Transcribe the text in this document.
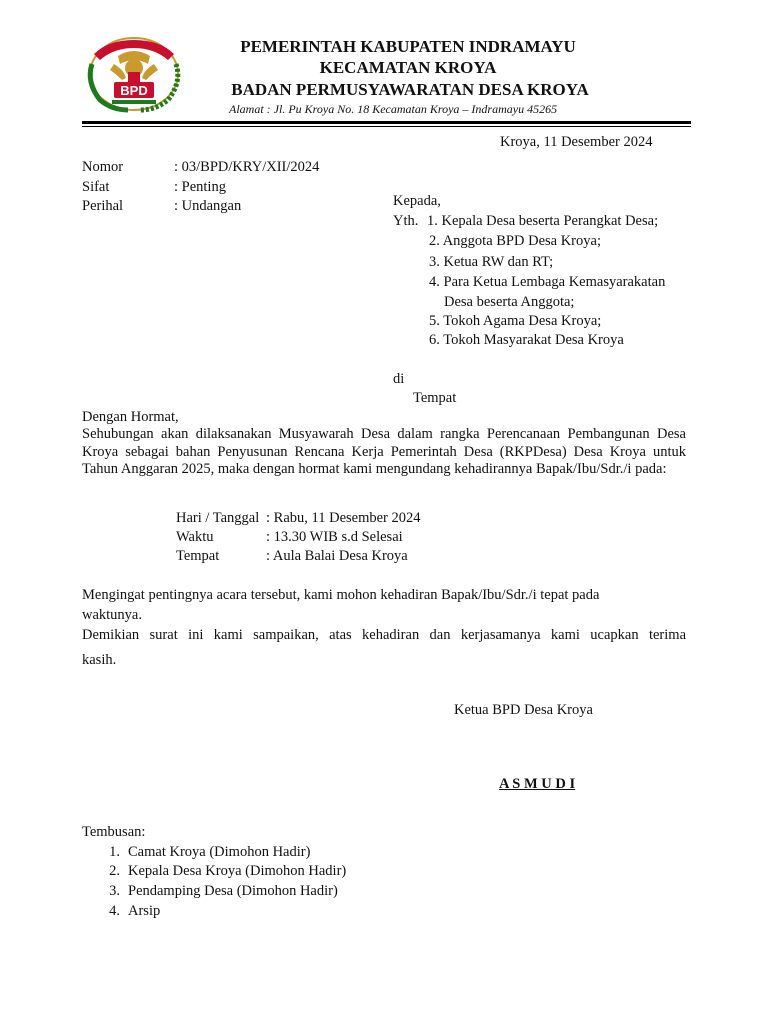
BPD
PEMERINTAH KABUPATEN INDRAMAYU
KECAMATAN KROYA
BADAN PERMUSYAWARATAN DESA KROYA
Alamat : Jl. Pu Kroya No. 18 Kecamatan Kroya – Indramayu 45265
Kroya, 11 Desember 2024
Nomor	: 03/BPD/KRY/XII/2024
Sifat	: Penting
Perihal	: Undangan	Kepada,
Yth. 1. Kepala Desa beserta Perangkat Desa;
2. Anggota BPD Desa Kroya;
3. Ketua RW dan RT;
4. Para Ketua Lembaga Kemasyarakatan
Desa beserta Anggota;
5. Tokoh Agama Desa Kroya;
6. Tokoh Masyarakat Desa Kroya
di
Tempat
Dengan Hormat,
Sehubungan akan dilaksanakan Musyawarah Desa dalam rangka Perencanaan Pembangunan Desa Kroya sebagai bahan Penyusunan Rencana Kerja Pemerintah Desa (RKPDesa) Desa Kroya untuk Tahun Anggaran 2025, maka dengan hormat kami mengundang kehadirannya Bapak/Ibu/Sdr./i pada:
Hari / Tanggal : Rabu, 11 Desember 2024
Waktu	: 13.30 WIB s.d Selesai
Tempat	: Aula Balai Desa Kroya
Mengingat pentingnya acara tersebut, kami mohon kehadiran Bapak/Ibu/Sdr./i tepat pada
waktunya.
Demikian surat ini kami sampaikan, atas kehadiran dan kerjasamanya kami ucapkan terima
kasih.
Ketua BPD Desa Kroya
A S M U D I
Tembusan:
1. Camat Kroya (Dimohon Hadir)
2. Kepala Desa Kroya (Dimohon Hadir)
3. Pendamping Desa (Dimohon Hadir)
4. Arsip
